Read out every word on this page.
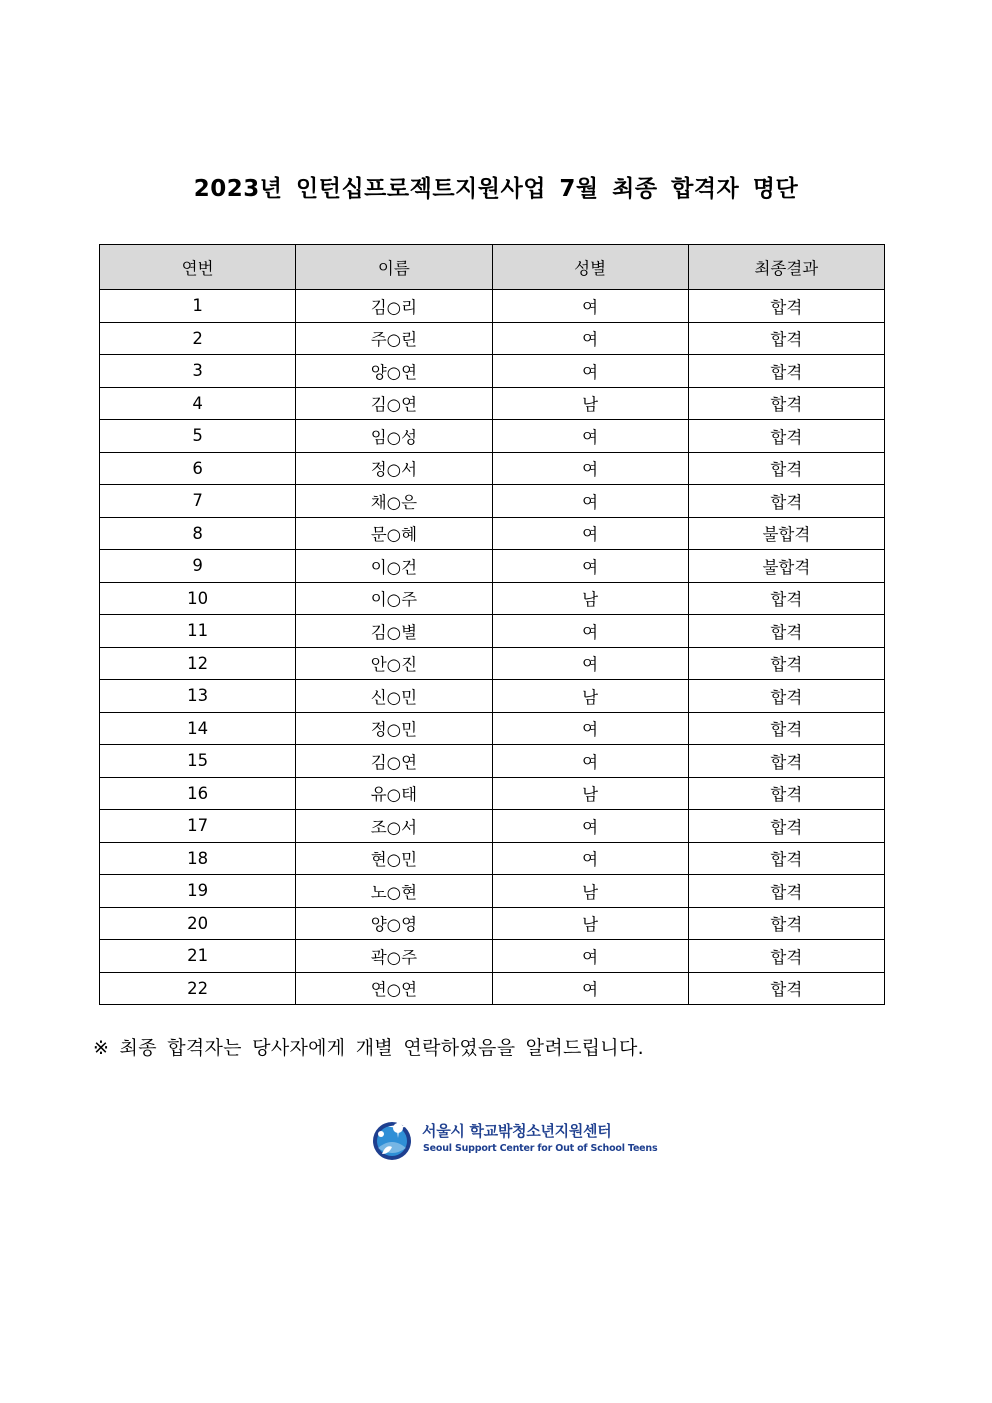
2023년 인턴십프로젝트지원사업 7월 최종 합격자 명단
연번	이름	성별	최종결과
1	김○리	여	합격
2	주○린	여	합격
3	양○연	여	합격
4	김○연	남	합격
5	임○성	여	합격
6	정○서	여	합격
7	채○은	여	합격
8	문○혜	여	불합격
9	이○건	여	불합격
10	이○주	남	합격
11	김○별	여	합격
12	안○진	여	합격
13	신○민	남	합격
14	정○민	여	합격
15	김○연	여	합격
16	유○태	남	합격
17	조○서	여	합격
18	현○민	여	합격
19	노○현	남	합격
20	양○영	남	합격
21	곽○주	여	합격
22	연○연	여	합격
※ 최종 합격자는 당사자에게 개별 연락하였음을 알려드립니다.
서울시 학교밖청소년지원센터
Seoul Support Center for Out of School Teens
